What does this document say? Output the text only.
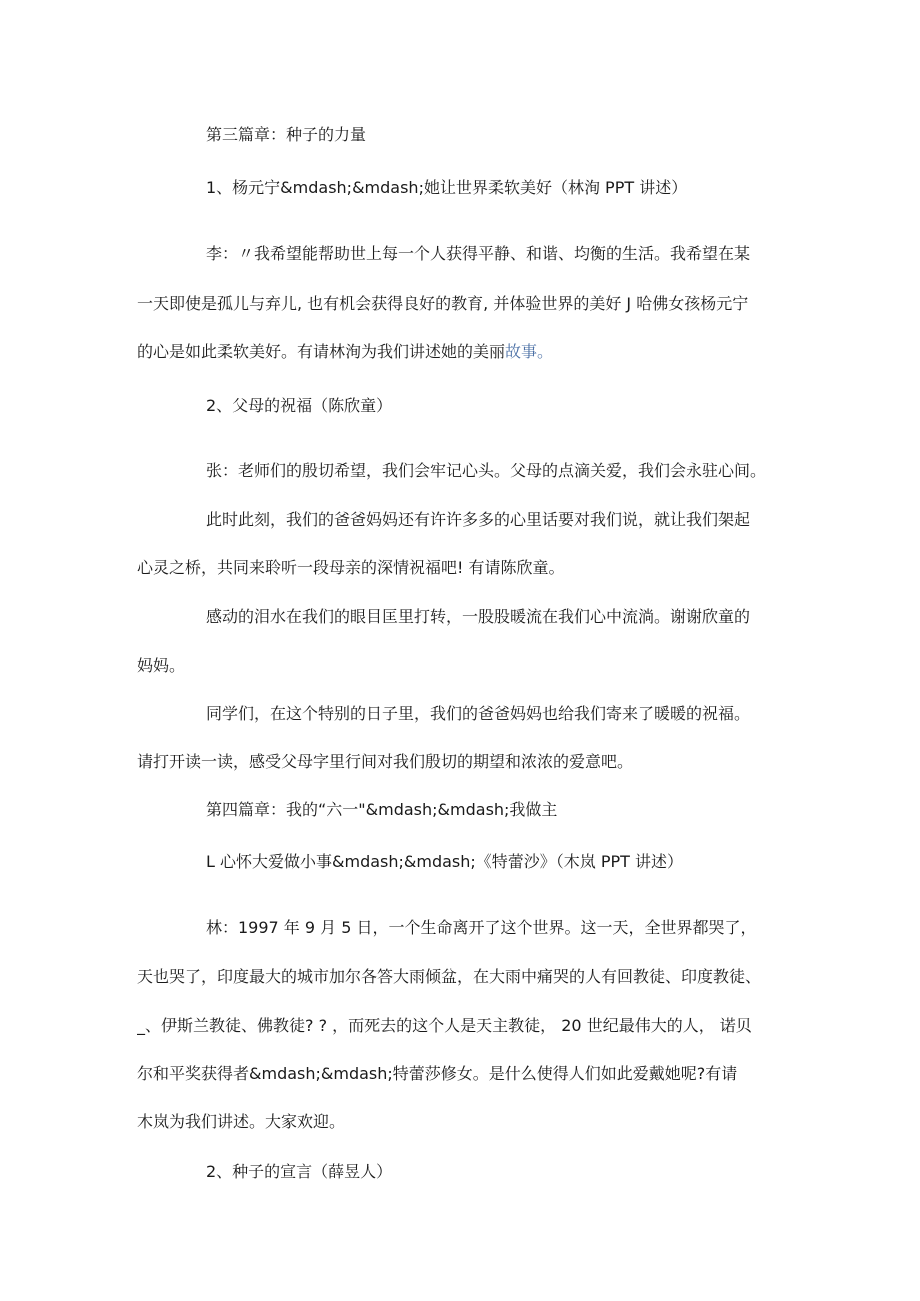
第三篇章：种子的力量
1、杨元宁&mdash;&mdash;她让世界柔软美好（林洵 PPT 讲述）
李：〃我希望能帮助世上每一个人获得平静、和谐、均衡的生活。我希望在某
一天即使是孤儿与弃儿, 也有机会获得良好的教育, 并体验世界的美好 J 哈佛女孩杨元宁
的心是如此柔软美好。有请林洵为我们讲述她的美丽故事。
2、父母的祝福（陈欣童）
张：老师们的殷切希望，我们会牢记心头。父母的点滴关爱，我们会永驻心间。
此时此刻，我们的爸爸妈妈还有许许多多的心里话要对我们说，就让我们架起
心灵之桥，共同来聆听一段母亲的深情祝福吧! 有请陈欣童。
感动的泪水在我们的眼目匡里打转，一股股暖流在我们心中流淌。谢谢欣童的
妈妈。
同学们，在这个特别的日子里，我们的爸爸妈妈也给我们寄来了暖暖的祝福。
请打开读一读，感受父母字里行间对我们殷切的期望和浓浓的爱意吧。
第四篇章：我的“六一"&mdash;&mdash;我做主
L 心怀大爱做小事&mdash;&mdash;《特蕾沙》（木岚 PPT 讲述）
林：1997 年 9 月 5 日，一个生命离开了这个世界。这一天，全世界都哭了，
天也哭了，印度最大的城市加尔各答大雨倾盆，在大雨中痛哭的人有回教徒、印度教徒、
_、伊斯兰教徒、佛教徒? ? ，而死去的这个人是天主教徒， 20 世纪最伟大的人， 诺贝
尔和平奖获得者&mdash;&mdash;特蕾莎修女。是什么使得人们如此爱戴她呢?有请
木岚为我们讲述。大家欢迎。
2、种子的宣言（薛昱人）
